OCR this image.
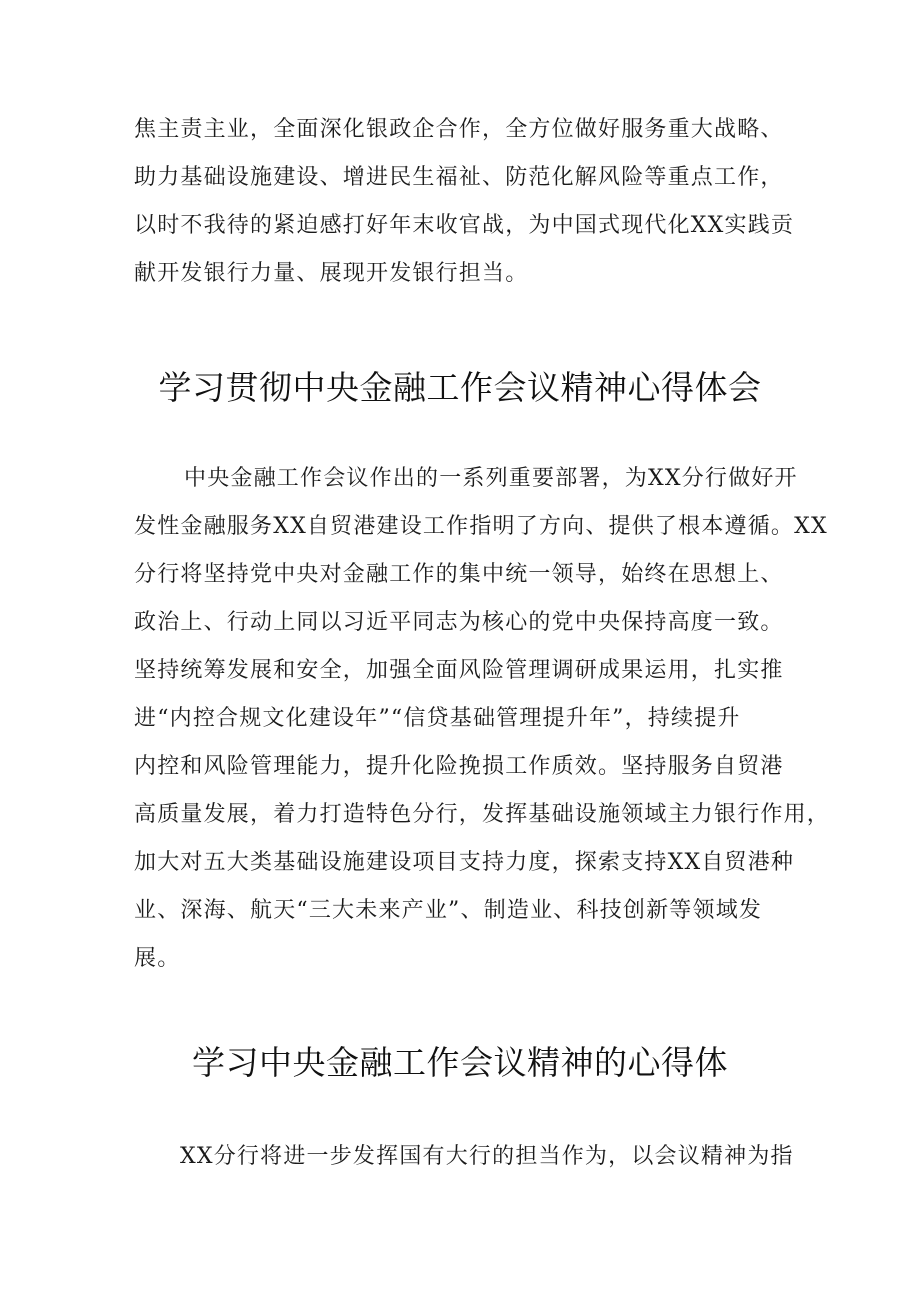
焦主责主业，全面深化银政企合作，全方位做好服务重大战略、
助力基础设施建设、增进民生福祉、防范化解风险等重点工作，
以时不我待的紧迫感打好年末收官战，为中国式现代化XX实践贡
献开发银行力量、展现开发银行担当。
学习贯彻中央金融工作会议精神心得体会
中央金融工作会议作出的一系列重要部署，为XX分行做好开
发性金融服务XX自贸港建设工作指明了方向、提供了根本遵循。XX
分行将坚持党中央对金融工作的集中统一领导，始终在思想上、
政治上、行动上同以习近平同志为核心的党中央保持高度一致。
坚持统筹发展和安全，加强全面风险管理调研成果运用，扎实推
进“内控合规文化建设年”“信贷基础管理提升年”，持续提升
内控和风险管理能力，提升化险挽损工作质效。坚持服务自贸港
高质量发展，着力打造特色分行，发挥基础设施领域主力银行作用，
加大对五大类基础设施建设项目支持力度，探索支持XX自贸港种
业、深海、航天“三大未来产业”、制造业、科技创新等领域发
展。
学习中央金融工作会议精神的心得体
XX分行将进一步发挥国有大行的担当作为，以会议精神为指
